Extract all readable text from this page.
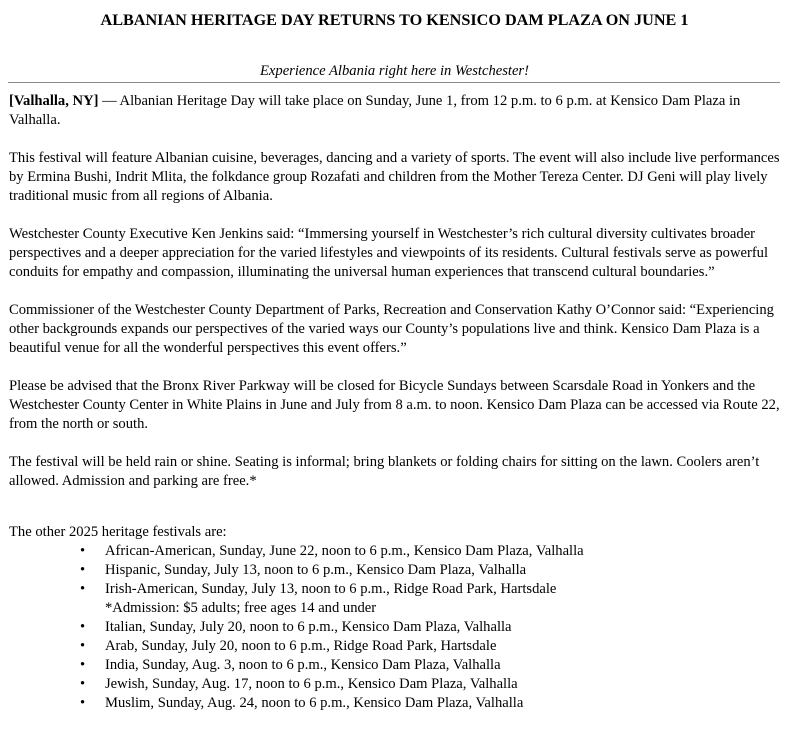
ALBANIAN HERITAGE DAY RETURNS TO KENSICO DAM PLAZA ON JUNE 1

Experience Albania right here in Westchester!

[Valhalla, NY] — Albanian Heritage Day will take place on Sunday, June 1, from 12 p.m. to 6 p.m. at Kensico Dam Plaza in Valhalla.

This festival will feature Albanian cuisine, beverages, dancing and a variety of sports. The event will also include live performances by Ermina Bushi, Indrit Mlita, the folkdance group Rozafati and children from the Mother Tereza Center. DJ Geni will play lively traditional music from all regions of Albania.

Westchester County Executive Ken Jenkins said: “Immersing yourself in Westchester’s rich cultural diversity cultivates broader perspectives and a deeper appreciation for the varied lifestyles and viewpoints of its residents. Cultural festivals serve as powerful conduits for empathy and compassion, illuminating the universal human experiences that transcend cultural boundaries.”

Commissioner of the Westchester County Department of Parks, Recreation and Conservation Kathy O’Connor said: “Experiencing other backgrounds expands our perspectives of the varied ways our County’s populations live and think. Kensico Dam Plaza is a beautiful venue for all the wonderful perspectives this event offers.”

Please be advised that the Bronx River Parkway will be closed for Bicycle Sundays between Scarsdale Road in Yonkers and the Westchester County Center in White Plains in June and July from 8 a.m. to noon. Kensico Dam Plaza can be accessed via Route 22, from the north or south.

The festival will be held rain or shine. Seating is informal; bring blankets or folding chairs for sitting on the lawn. Coolers aren’t allowed. Admission and parking are free.*

The other 2025 heritage festivals are:

• African-American, Sunday, June 22, noon to 6 p.m., Kensico Dam Plaza, Valhalla
• Hispanic, Sunday, July 13, noon to 6 p.m., Kensico Dam Plaza, Valhalla
• Irish-American, Sunday, July 13, noon to 6 p.m., Ridge Road Park, Hartsdale
*Admission: $5 adults; free ages 14 and under
• Italian, Sunday, July 20, noon to 6 p.m., Kensico Dam Plaza, Valhalla
• Arab, Sunday, July 20, noon to 6 p.m., Ridge Road Park, Hartsdale
• India, Sunday, Aug. 3, noon to 6 p.m., Kensico Dam Plaza, Valhalla
• Jewish, Sunday, Aug. 17, noon to 6 p.m., Kensico Dam Plaza, Valhalla
• Muslim, Sunday, Aug. 24, noon to 6 p.m., Kensico Dam Plaza, Valhalla
